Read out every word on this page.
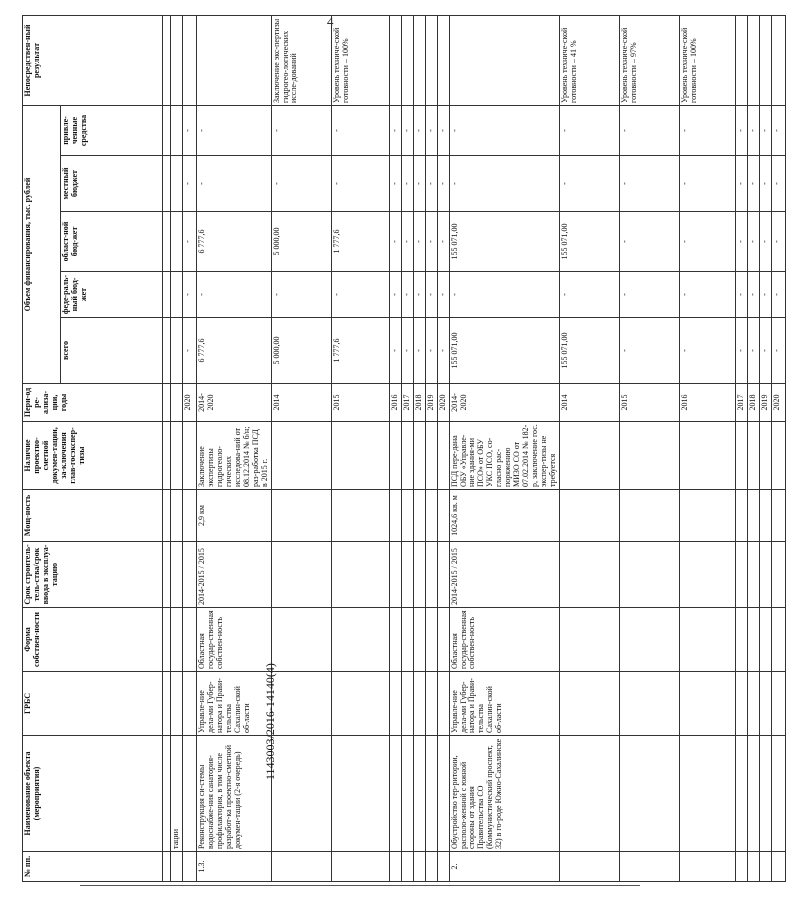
4
№ пп.	Наименование объекта (мероприятия)	ГРБС	Форма собствен-ности	Срок строитель-тель-ства/срок ввода в эксплуа-тацию	Мощ-ность	Наличие проектно-сметной докумен-тации, за-ключения глав-госэкспер-тизы	Пери-од ре-ализа-ции, годы	Объем финансирования, тыс. рублей					Непосредствен-ный результат
								всего	феде-раль-ный бюд-жет	област-ной бюд-жет	местный бюджет	привле-ченные средства	

	тации												
							2020	-	-	-	-	-	
1.3.	Реконструкция си-стемы водоснабже-ния санатория-профилактория, в том числе разработ-ка проектно-сметной докумен-тации (2-я очередь)	Управле-ние дела-ми Губер-натора и Прави-тельства Сахалин-ской об-ласти	Областная государ-ственная собствен-ность	2014-2015 / 2015	2,9 км	Заключение экспертизы гидрогеоло-гических исследова-ний от 08.12.2014 № б/н; раз-работка ПСД в 2015 г.	2014-2020	6 777,6	-	6 777,6	-	-	
							2014	5 000,00	-	5 000,00	-	-	Заключение экс-пертизы гидрогео-логических иссле-дований
							2015	1 777,6	-	1 777,6	-	-	Уровень техниче-ской готовности – 100%
							2016	-	-	-	-	-	
							2017	-	-	-	-	-	
							2018	-	-	-	-	-	
							2019	-	-	-	-	-	
							2020	-	-	-	-	-	
2.	Обустройство тер-ритории, располо-женной с южной стороны от здания Правительства СО (Коммунистический проспект, 32) в го-роде Южно-Сахалинске	Управле-ние дела-ми Губер-натора и Прави-тельства Сахалин-ской об-ласти	Областная государ-ственная собствен-ность	2014-2015 / 2015	1024,6 кв. м	ПСД пере-дана ОБУ «Управле-ние здания-ми ПСО» от ОБУ УКС ПСО, со-гласно рас-поряжению МИЗО СО от 07.02.2014 № 182-р, заключение гос. экспер-тизы не требуется	2014-2020	155 071,00	-	155 071,00	-	-	
							2014	155 071,00	-	155 071,00	-	-	Уровень техниче-ской готовности – 41 %
							2015	-	-	-	-	-	Уровень техниче-ской готовности – 97%
							2016	-	-	-	-	-	Уровень техниче-ской готовности – 100%
							2017	-	-	-	-	-	
							2018	-	-	-	-	-	
							2019	-	-	-	-	-	
							2020	-	-	-	-	-	
1143003/2016-14140(4)
